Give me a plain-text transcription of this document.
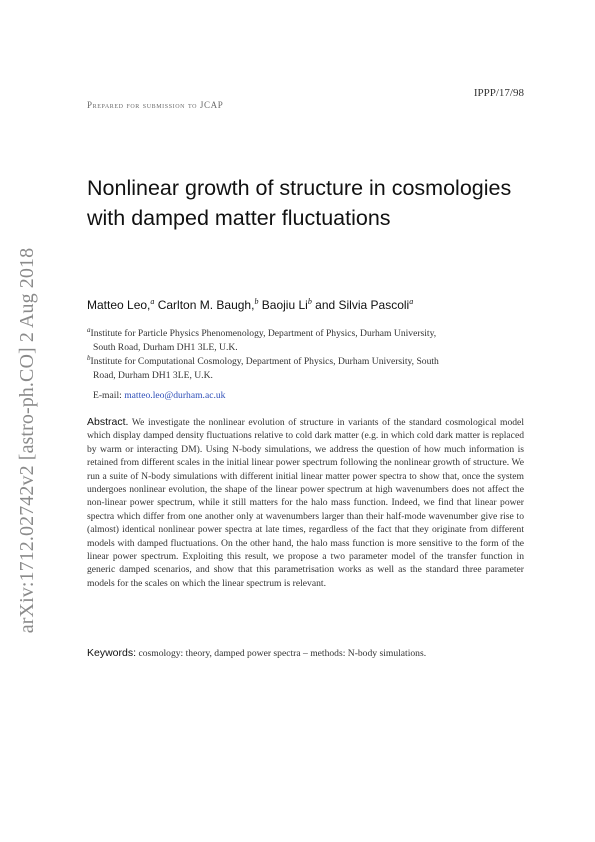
arXiv:1712.02742v2 [astro-ph.CO] 2 Aug 2018
IPPP/17/98
Prepared for submission to JCAP
Nonlinear growth of structure in cosmologies with damped matter fluctuations
Matteo Leo,$^a$ Carlton M. Baugh,$^b$ Baojiu Li$^b$ and Silvia Pascoli$^a$
$^a$Institute for Particle Physics Phenomenology, Department of Physics, Durham University,
South Road, Durham DH1 3LE, U.K.
$^b$Institute for Computational Cosmology, Department of Physics, Durham University, South
Road, Durham DH1 3LE, U.K.
E-mail: matteo.leo@durham.ac.uk
Abstract. We investigate the nonlinear evolution of structure in variants of the standard cosmological model which display damped density fluctuations relative to cold dark matter (e.g. in which cold dark matter is replaced by warm or interacting DM). Using N-body simulations, we address the question of how much information is retained from different scales in the initial linear power spectrum following the nonlinear growth of structure. We run a suite of N-body simulations with different initial linear matter power spectra to show that, once the system undergoes nonlinear evolution, the shape of the linear power spectrum at high wavenumbers does not affect the non-linear power spectrum, while it still matters for the halo mass function. Indeed, we find that linear power spectra which differ from one another only at wavenumbers larger than their half-mode wavenumber give rise to (almost) identical nonlinear power spectra at late times, regardless of the fact that they originate from different models with damped fluctuations. On the other hand, the halo mass function is more sensitive to the form of the linear power spectrum. Exploiting this result, we propose a two parameter model of the transfer function in generic damped scenarios, and show that this parametrisation works as well as the standard three parameter models for the scales on which the linear spectrum is relevant.
Keywords: cosmology: theory, damped power spectra – methods: N-body simulations.
